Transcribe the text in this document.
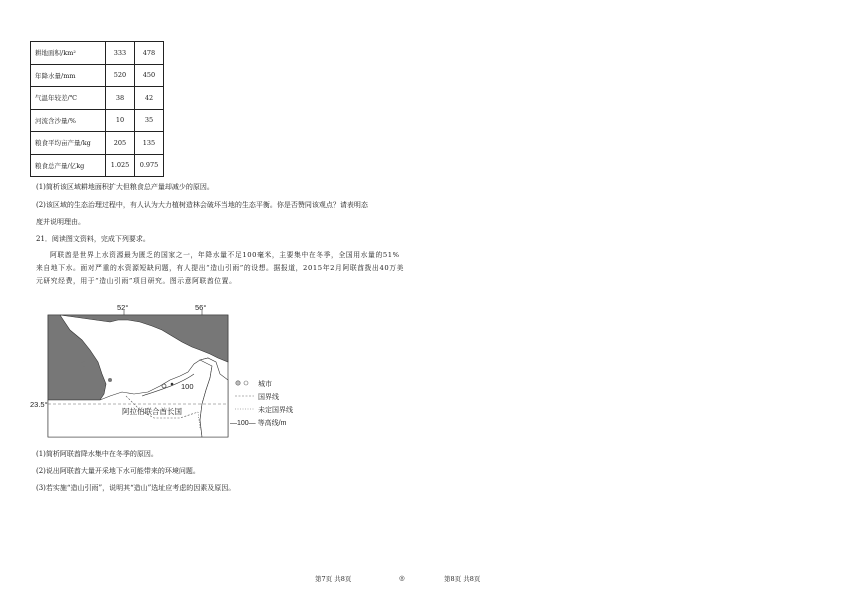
耕地面积/km²	333	478
年降水量/mm	520	450
气温年较差/℃	38	42
河流含沙量/%	10	35
粮食平均亩产量/kg	205	135
粮食总产量/亿kg	1.025	0.975
(1)简析该区域耕地面积扩大但粮食总产量却减少的原因。
(2)该区域的生态治理过程中，有人认为大力植树造林会破坏当地的生态平衡。你是否赞同该观点？请表明态
度并说明理由。
21．阅读图文资料，完成下列要求。
阿联酋是世界上水资源最为匮乏的国家之一，年降水量不足100毫米，主要集中在冬季，全国用水量的51%来自地下水。面对严重的水资源短缺问题，有人提出“造山引雨”的设想。据报道，2015年2月阿联酋拨出40万美元研究经费，用于“造山引雨”项目研究。图示意阿联酋位置。
52°	56°
23.5°
波
斯
湾
100
阿拉伯联合酋长国
城市
国界线
未定国界线
—100— 等高线/m
(1)简析阿联酋降水集中在冬季的原因。
(2)说出阿联酋大量开采地下水可能带来的环境问题。
(3)若实施“造山引雨”，说明其“造山”选址应考虑的因素及原因。
第7页 共8页	◎	第8页 共8页
